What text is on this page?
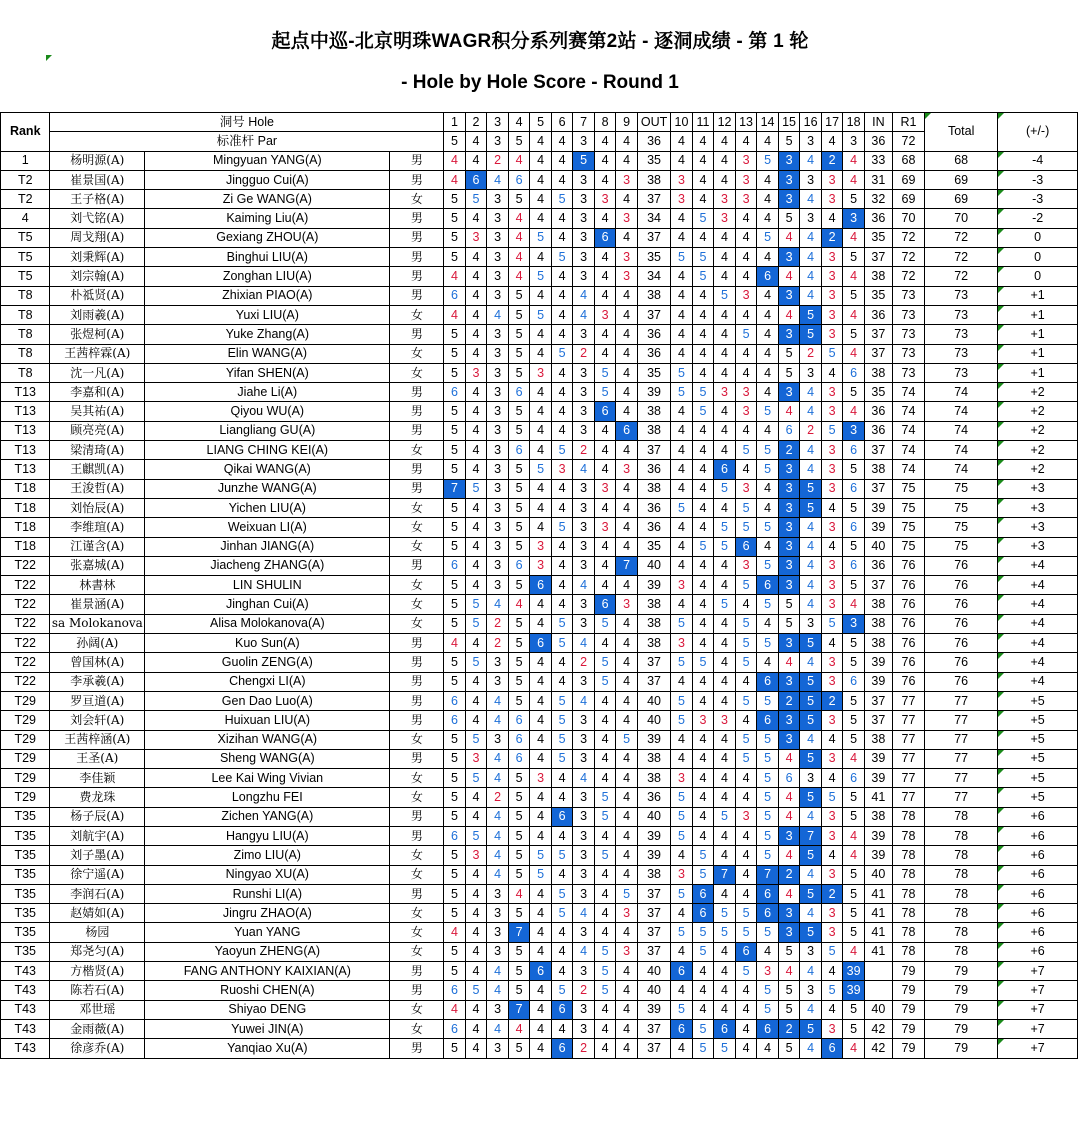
起点中巡-北京明珠WAGR积分系列赛第2站 - 逐洞成绩 - 第 1 轮
- Hole by Hole Score - Round 1
Rank	洞号 Hole			1	2	3	4	5	6	7	8	9	OUT	10	11	12	13	14	15	16	17	18	IN	R1	Total	(+/-)
	标准杆 Par			5	4	3	5	4	4	3	4	4	36	4	4	4	4	4	5	3	4	3	36	72		
1	杨明源(A)	Mingyuan YANG(A)	男	4	4	2	4	4	4	5	4	4	35	4	4	4	3	5	3	4	2	4	33	68	68	-4
T2	崔景国(A)	Jingguo Cui(A)	男	4	6	4	6	4	4	3	4	3	38	3	4	4	3	4	3	3	3	4	31	69	69	-3
T2	王子格(A)	Zi Ge WANG(A)	女	5	5	3	5	4	5	3	3	4	37	3	4	3	3	4	3	4	3	5	32	69	69	-3
4	刘弋铭(A)	Kaiming Liu(A)	男	5	4	3	4	4	4	3	4	3	34	4	5	3	4	4	5	3	4	3	36	70	70	-2
T5	周戈翔(A)	Gexiang ZHOU(A)	男	5	3	3	4	5	4	3	6	4	37	4	4	4	4	5	4	4	2	4	35	72	72	0
T5	刘秉辉(A)	Binghui LIU(A)	男	5	4	3	4	4	5	3	4	3	35	5	5	4	4	4	3	4	3	5	37	72	72	0
T5	刘宗翰(A)	Zonghan LIU(A)	男	4	4	3	4	5	4	3	4	3	34	4	5	4	4	6	4	4	3	4	38	72	72	0
T8	朴祗贤(A)	Zhixian PIAO(A)	男	6	4	3	5	4	4	4	4	4	38	4	4	5	3	4	3	4	3	5	35	73	73	+1
T8	刘雨羲(A)	Yuxi LIU(A)	女	4	4	4	5	5	4	4	3	4	37	4	4	4	4	4	4	5	3	4	36	73	73	+1
T8	张煜柯(A)	Yuke Zhang(A)	男	5	4	3	5	4	4	3	4	4	36	4	4	4	5	4	3	5	3	5	37	73	73	+1
T8	王茜梓霖(A)	Elin WANG(A)	女	5	4	3	5	4	5	2	4	4	36	4	4	4	4	4	5	2	5	4	37	73	73	+1
T8	沈一凡(A)	Yifan SHEN(A)	女	5	3	3	5	3	4	3	5	4	35	5	4	4	4	4	5	3	4	6	38	73	73	+1
T13	李嘉和(A)	Jiahe Li(A)	男	6	4	3	6	4	4	3	5	4	39	5	5	3	3	4	3	4	3	5	35	74	74	+2
T13	吴其祐(A)	Qiyou WU(A)	男	5	4	3	5	4	4	3	6	4	38	4	5	4	3	5	4	4	3	4	36	74	74	+2
T13	顾亮亮(A)	Liangliang GU(A)	男	5	4	3	5	4	4	3	4	6	38	4	4	4	4	4	6	2	5	3	36	74	74	+2
T13	梁清琦(A)	LIANG CHING KEI(A)	女	5	4	3	6	4	5	2	4	4	37	4	4	4	5	5	2	4	3	6	37	74	74	+2
T13	王麒凯(A)	Qikai WANG(A)	男	5	4	3	5	5	3	4	4	3	36	4	4	6	4	5	3	4	3	5	38	74	74	+2
T18	王浚哲(A)	Junzhe WANG(A)	男	7	5	3	5	4	4	3	3	4	38	4	4	5	3	4	3	5	3	6	37	75	75	+3
T18	刘怡辰(A)	Yichen LIU(A)	女	5	4	3	5	4	4	3	4	4	36	5	4	4	5	4	3	5	4	5	39	75	75	+3
T18	李维瑄(A)	Weixuan LI(A)	女	5	4	3	5	4	5	3	3	4	36	4	4	5	5	5	3	4	3	6	39	75	75	+3
T18	江谨含(A)	Jinhan JIANG(A)	女	5	4	3	5	3	4	3	4	4	35	4	5	5	6	4	3	4	4	5	40	75	75	+3
T22	张嘉城(A)	Jiacheng ZHANG(A)	男	6	4	3	6	3	4	3	4	7	40	4	4	4	3	5	3	4	3	6	36	76	76	+4
T22	林書林	LIN SHULIN	女	5	4	3	5	6	4	4	4	4	39	3	4	4	5	6	3	4	3	5	37	76	76	+4
T22	崔景涵(A)	Jinghan Cui(A)	女	5	5	4	4	4	4	3	6	3	38	4	4	5	4	5	5	4	3	4	38	76	76	+4
T22	sa Molokanova	Alisa Molokanova(A)	女	5	5	2	5	4	5	3	5	4	38	5	4	4	5	4	5	3	5	3	38	76	76	+4
T22	孙阔(A)	Kuo Sun(A)	男	4	4	2	5	6	5	4	4	4	38	3	4	4	5	5	3	5	4	5	38	76	76	+4
T22	曾国林(A)	Guolin ZENG(A)	男	5	5	3	5	4	4	2	5	4	37	5	5	4	5	4	4	4	3	5	39	76	76	+4
T22	李承羲(A)	Chengxi LI(A)	男	5	4	3	5	4	4	3	5	4	37	4	4	4	4	6	3	5	3	6	39	76	76	+4
T29	罗亘道(A)	Gen Dao Luo(A)	男	6	4	4	5	4	5	4	4	4	40	5	4	4	5	5	2	5	2	5	37	77	77	+5
T29	刘会轩(A)	Huixuan LIU(A)	男	6	4	4	6	4	5	3	4	4	40	5	3	3	4	6	3	5	3	5	37	77	77	+5
T29	王茜梓涵(A)	Xizihan WANG(A)	女	5	5	3	6	4	5	3	4	5	39	4	4	4	5	5	3	4	4	5	38	77	77	+5
T29	王圣(A)	Sheng WANG(A)	男	5	3	4	6	4	5	3	4	4	38	4	4	4	5	5	4	5	3	4	39	77	77	+5
T29	李佳颖	Lee Kai Wing Vivian	女	5	5	4	5	3	4	4	4	4	38	3	4	4	4	5	6	3	4	6	39	77	77	+5
T29	费龙珠	Longzhu FEI	女	5	4	2	5	4	4	3	5	4	36	5	4	4	4	5	4	5	5	5	41	77	77	+5
T35	杨子辰(A)	Zichen YANG(A)	男	5	4	4	5	4	6	3	5	4	40	5	4	5	3	5	4	4	3	5	38	78	78	+6
T35	刘航宇(A)	Hangyu LIU(A)	男	6	5	4	5	4	4	3	4	4	39	5	4	4	4	5	3	7	3	4	39	78	78	+6
T35	刘子墨(A)	Zimo LIU(A)	女	5	3	4	5	5	5	3	5	4	39	4	5	4	4	5	4	5	4	4	39	78	78	+6
T35	徐宁遥(A)	Ningyao XU(A)	女	5	4	4	5	5	4	3	4	4	38	3	5	7	4	7	2	4	3	5	40	78	78	+6
T35	李润石(A)	Runshi LI(A)	男	5	4	3	4	4	5	3	4	5	37	5	6	4	4	6	4	5	2	5	41	78	78	+6
T35	赵婧如(A)	Jingru ZHAO(A)	女	5	4	3	5	4	5	4	4	3	37	4	6	5	5	6	3	4	3	5	41	78	78	+6
T35	杨园	Yuan YANG	女	4	4	3	7	4	4	3	4	4	37	5	5	5	5	5	3	5	3	5	41	78	78	+6
T35	郑尧匀(A)	Yaoyun ZHENG(A)	女	5	4	3	5	4	4	4	5	3	37	4	5	4	6	4	5	3	5	4	41	78	78	+6
T43	方楷贤(A)	FANG ANTHONY KAIXIAN(A)	男	5	4	4	5	6	4	3	5	4	40	6	4	4	5	3	4	4	4	39		79	79	+7
T43	陈若石(A)	Ruoshi CHEN(A)	男	6	5	4	5	4	5	2	5	4	40	4	4	4	4	5	5	3	5	39		79	79	+7
T43	邓世瑶	Shiyao DENG	女	4	4	3	7	4	6	3	4	4	39	5	4	4	4	5	5	4	4	5	40	79	79	+7
T43	金雨薇(A)	Yuwei JIN(A)	女	6	4	4	4	4	4	3	4	4	37	6	5	6	4	6	2	5	3	5	42	79	79	+7
T43	徐彦乔(A)	Yanqiao Xu(A)	男	5	4	3	5	4	6	2	4	4	37	4	5	5	4	4	5	4	6	4	42	79	79	+7
